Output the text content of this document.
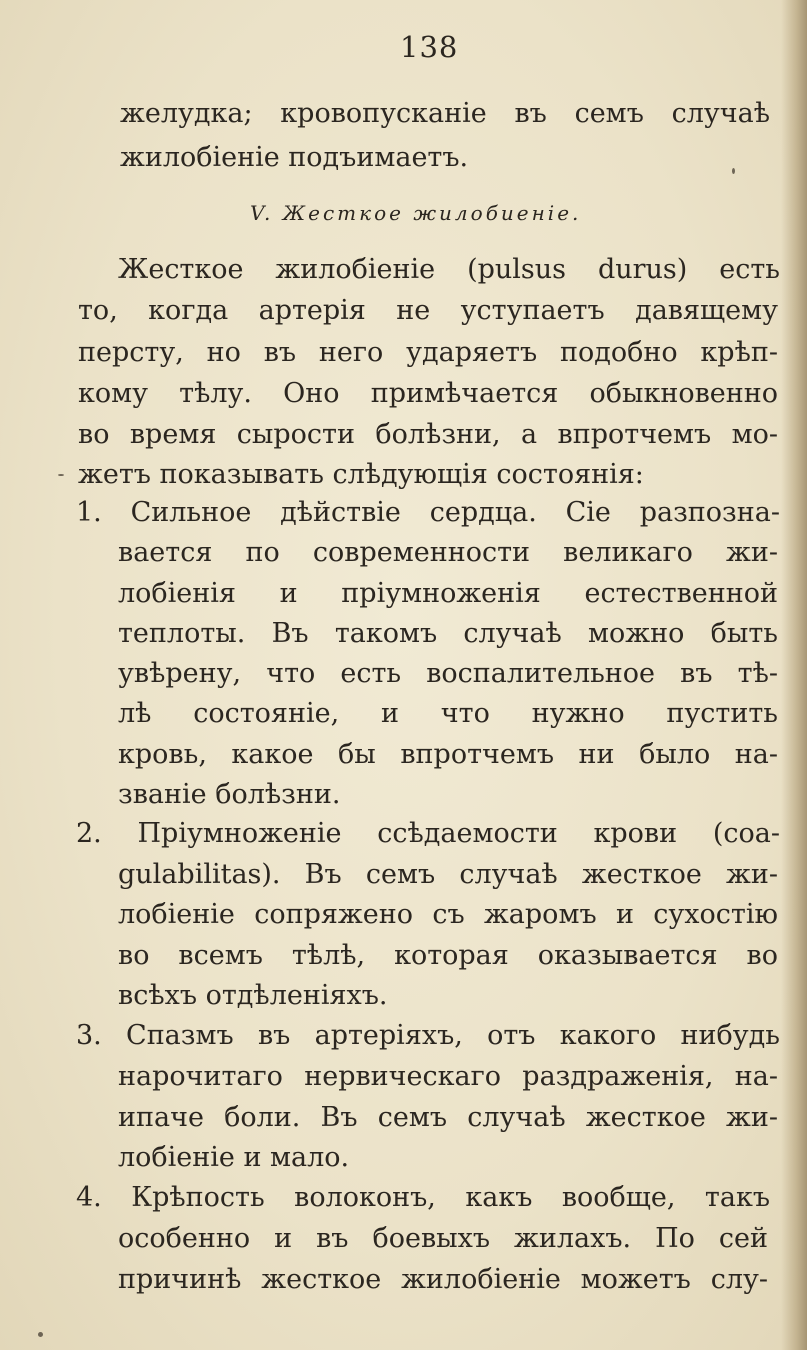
138
желудка; кровопусканіе въ семъ случаѣ
жилобіеніе подъимаетъ.
V. Жесткое жилобиеніе.
Жесткое жилобіеніе (pulsus durus) есть
то, когда артерія не уступаетъ давящему
персту, но въ него ударяетъ подобно крѣп-
кому тѣлу. Оно примѣчается обыкновенно
во время сырости болѣзни, а впротчемъ мо-
жетъ показывать слѣдующія состоянія:
1. Сильное дѣйствіе сердца. Сіе разпозна-
вается по современности великаго жи-
лобіенія и пріумноженія естественной
теплоты. Въ такомъ случаѣ можно быть
увѣрену, что есть воспалительное въ тѣ-
лѣ состояніе, и что нужно пустить
кровь, какое бы впротчемъ ни было на-
званіе болѣзни.
2. Пріумноженіе ссѣдаемости крови (coa-
gulabilitas). Въ семъ случаѣ жесткое жи-
лобіеніе сопряжено съ жаромъ и сухостію
во всемъ тѣлѣ, которая оказывается во
всѣхъ отдѣленіяхъ.
3. Спазмъ въ артеріяхъ, отъ какого нибудь
нарочитаго нервическаго раздраженія, на-
ипаче боли. Въ семъ случаѣ жесткое жи-
лобіеніе и мало.
4. Крѣпость волоконъ, какъ вообще, такъ
особенно и въ боевыхъ жилахъ. По сей
причинѣ жесткое жилобіеніе можетъ слу-
